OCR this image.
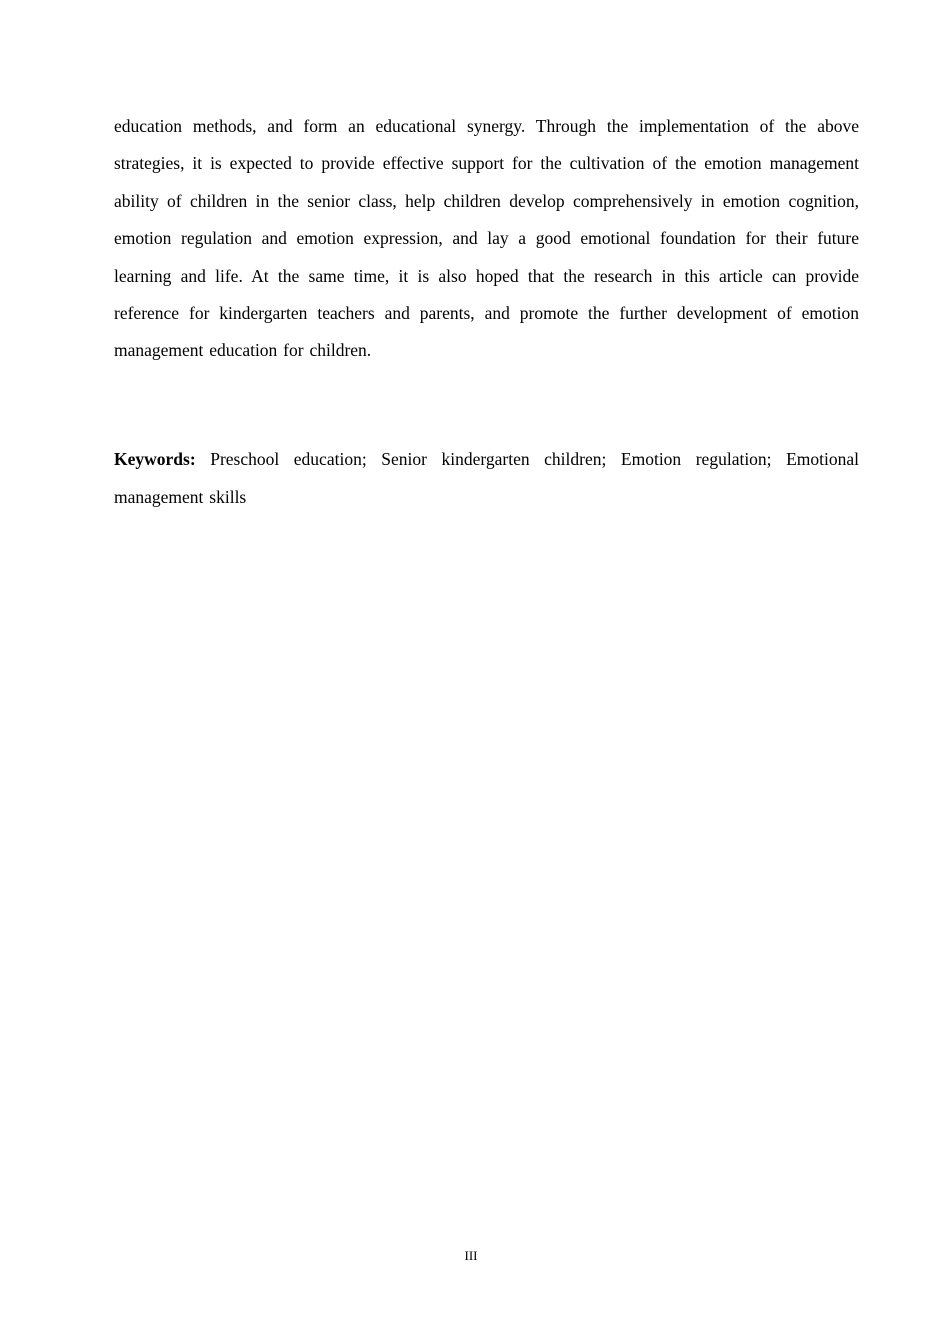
education methods, and form an educational synergy. Through the implementation of the above strategies, it is expected to provide effective support for the cultivation of the emotion management ability of children in the senior class, help children develop comprehensively in emotion cognition, emotion regulation and emotion expression, and lay a good emotional foundation for their future learning and life. At the same time, it is also hoped that the research in this article can provide reference for kindergarten teachers and parents, and promote the further development of emotion management education for children.

Keywords: Preschool education; Senior kindergarten children; Emotion regulation; Emotional management skills

III
